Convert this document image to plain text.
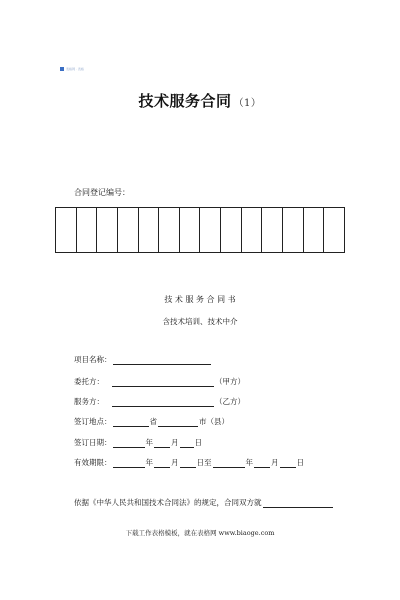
表格网 · 表格
技术服务合同 （1）
合同登记编号：
技 术 服 务 合 同 书
含技术培训、技术中介
项目名称：
委托方：	（甲方）
服务方：	（乙方）
签订地点：	省	市（县）
签订日期：	年 月 日
有效期限：	年 月 日至	年 月 日
依据《中华人民共和国技术合同法》的规定，合同双方就
下载工作表格模板，就在表格网 www.biaoge.com
